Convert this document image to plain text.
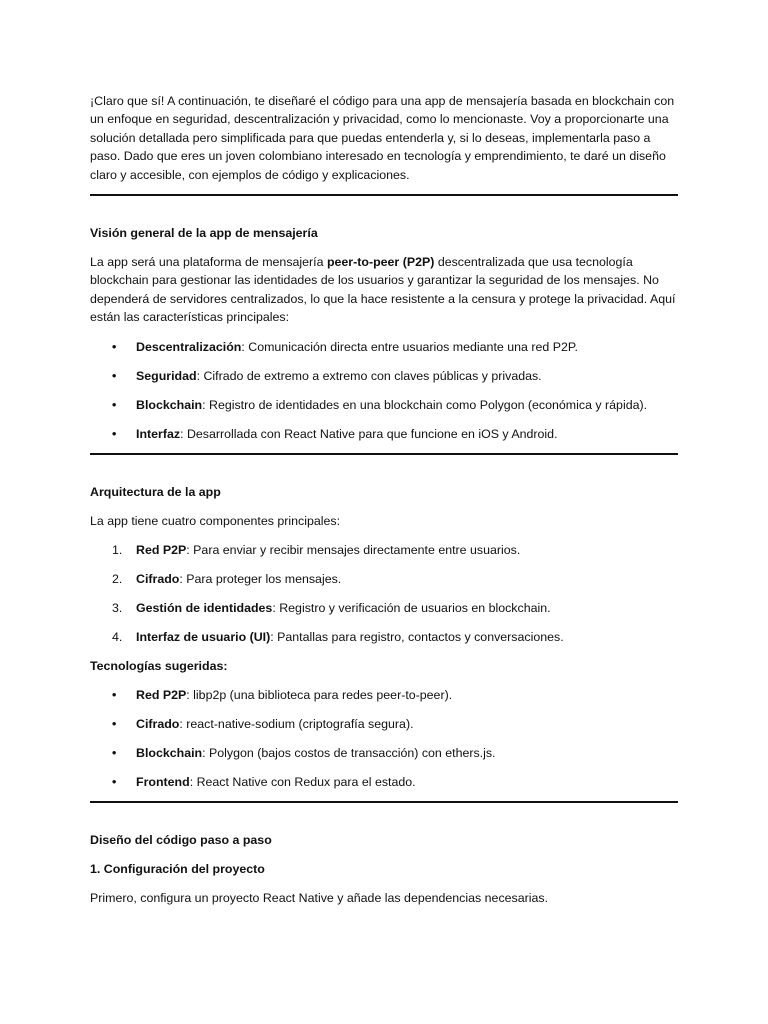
¡Claro que sí! A continuación, te diseñaré el código para una app de mensajería basada en blockchain con un enfoque en seguridad, descentralización y privacidad, como lo mencionaste. Voy a proporcionarte una solución detallada pero simplificada para que puedas entenderla y, si lo deseas, implementarla paso a paso. Dado que eres un joven colombiano interesado en tecnología y emprendimiento, te daré un diseño claro y accesible, con ejemplos de código y explicaciones.

Visión general de la app de mensajería

La app será una plataforma de mensajería peer-to-peer (P2P) descentralizada que usa tecnología blockchain para gestionar las identidades de los usuarios y garantizar la seguridad de los mensajes. No dependerá de servidores centralizados, lo que la hace resistente a la censura y protege la privacidad. Aquí están las características principales:

• Descentralización: Comunicación directa entre usuarios mediante una red P2P.
• Seguridad: Cifrado de extremo a extremo con claves públicas y privadas.
• Blockchain: Registro de identidades en una blockchain como Polygon (económica y rápida).
• Interfaz: Desarrollada con React Native para que funcione en iOS y Android.

Arquitectura de la app

La app tiene cuatro componentes principales:

1. Red P2P: Para enviar y recibir mensajes directamente entre usuarios.
2. Cifrado: Para proteger los mensajes.
3. Gestión de identidades: Registro y verificación de usuarios en blockchain.
4. Interfaz de usuario (UI): Pantallas para registro, contactos y conversaciones.

Tecnologías sugeridas:

• Red P2P: libp2p (una biblioteca para redes peer-to-peer).
• Cifrado: react-native-sodium (criptografía segura).
• Blockchain: Polygon (bajos costos de transacción) con ethers.js.
• Frontend: React Native con Redux para el estado.

Diseño del código paso a paso

1. Configuración del proyecto

Primero, configura un proyecto React Native y añade las dependencias necesarias.
